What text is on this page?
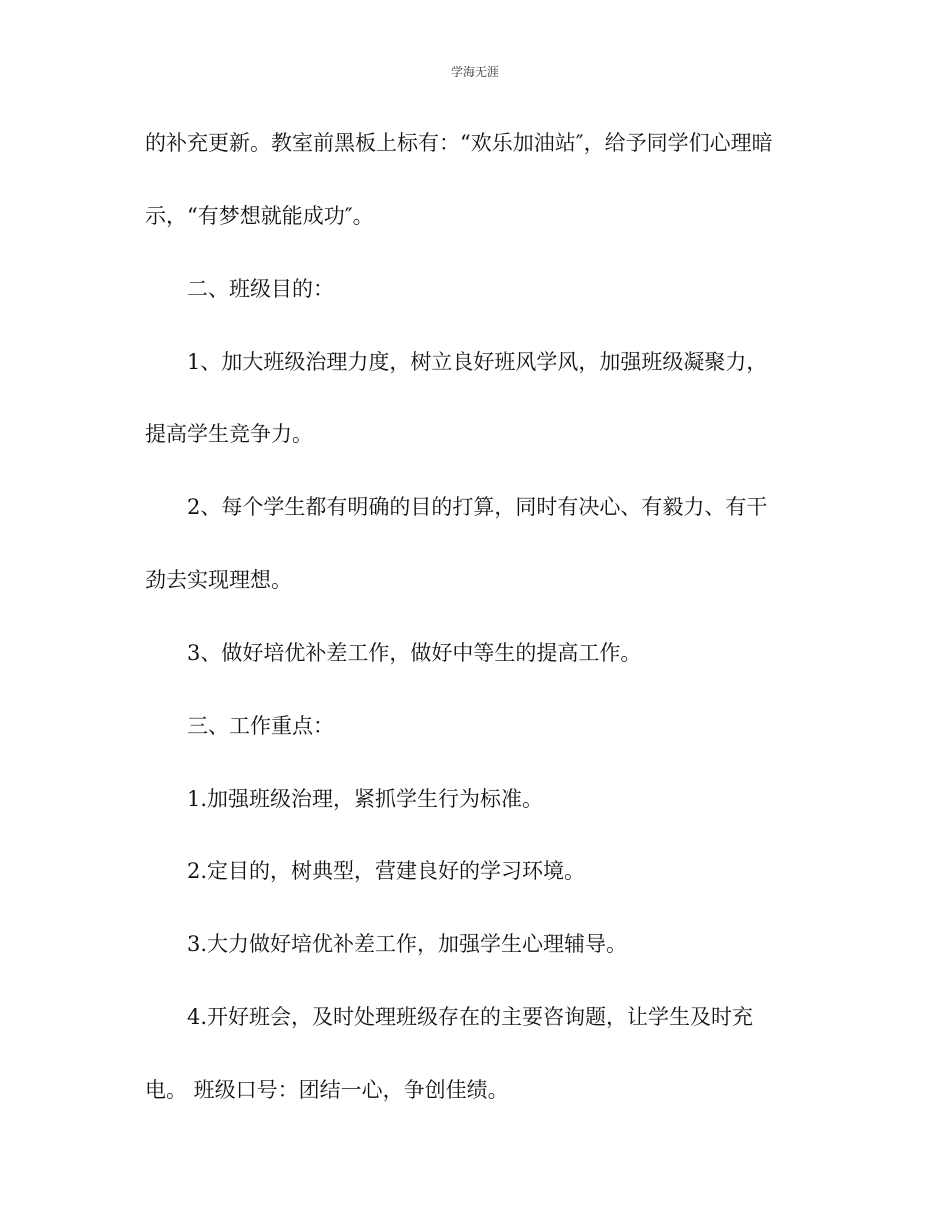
学海无涯
的补充更新。教室前黑板上标有：“欢乐加油站″，给予同学们心理暗
示，“有梦想就能成功″。
二、班级目的：
1、加大班级治理力度，树立良好班风学风，加强班级凝聚力，
提高学生竞争力。
2、每个学生都有明确的目的打算，同时有决心、有毅力、有干
劲去实现理想。
3、做好培优补差工作，做好中等生的提高工作。
三、工作重点：
1.加强班级治理，紧抓学生行为标准。
2.定目的，树典型，营建良好的学习环境。
3.大力做好培优补差工作，加强学生心理辅导。
4.开好班会，及时处理班级存在的主要咨询题，让学生及时充
电。 班级口号：团结一心，争创佳绩。
